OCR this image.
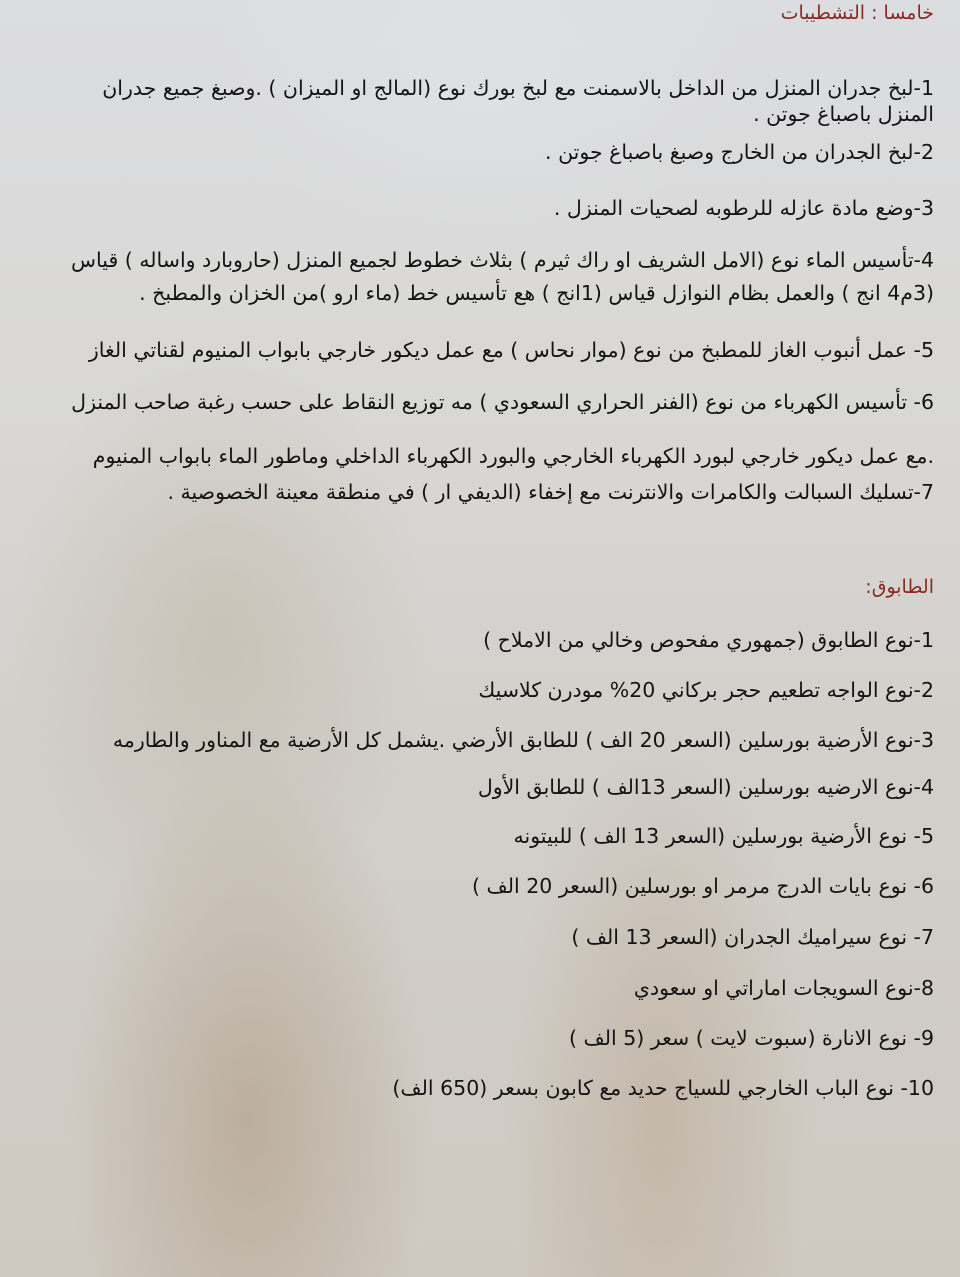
خامسا : التشطيبات
1-لبخ جدران المنزل من الداخل بالاسمنت مع لبخ بورك نوع (المالج او الميزان ) .وصبغ جميع جدران
المنزل باصباغ جوتن .
2-لبخ الجدران من الخارج وصبغ باصباغ جوتن .
3-وضع مادة عازله للرطوبه لصحيات المنزل .
4-تأسيس الماء نوع (الامل الشريف او راك ثيرم ) بثلاث خطوط لجميع المنزل (حاروبارد واساله ) قياس
(3م4 انج ) والعمل بظام النوازل قياس (1انج ) هع تأسيس خط (ماء ارو )من الخزان والمطبخ .
5- عمل أنبوب الغاز للمطبخ من نوع (موار نحاس ) مع عمل ديكور خارجي بابواب المنيوم لقناتي الغاز
6- تأسيس الكهرباء من نوع (الفنر الحراري السعودي ) مه توزيع النقاط على حسب رغبة صاحب المنزل
.مع عمل ديكور خارجي لبورد الكهرباء الخارجي والبورد الكهرباء الداخلي وماطور الماء بابواب المنيوم
7-تسليك السبالت والكامرات والانترنت مع إخفاء (الديفي ار ) في منطقة معينة الخصوصية .
الطابوق:
1-نوع الطابوق (جمهوري مفحوص وخالي من الاملاح )
2-نوع الواجه تطعيم حجر بركاني 20% مودرن كلاسيك
3-نوع الأرضية بورسلين (السعر 20 الف ) للطابق الأرضي .يشمل كل الأرضية مع المناور والطارمه
4-نوع الارضيه بورسلين (السعر 13الف ) للطابق الأول
5- نوع الأرضية بورسلين (السعر 13 الف ) للبيتونه
6- نوع بايات الدرج مرمر او بورسلين (السعر 20 الف )
7- نوع سيراميك الجدران (السعر 13 الف )
8-نوع السويجات اماراتي او سعودي
9- نوع الانارة (سبوت لايت ) سعر (5 الف )
10- نوع الباب الخارجي للسياج حديد مع كابون بسعر (650 الف)
